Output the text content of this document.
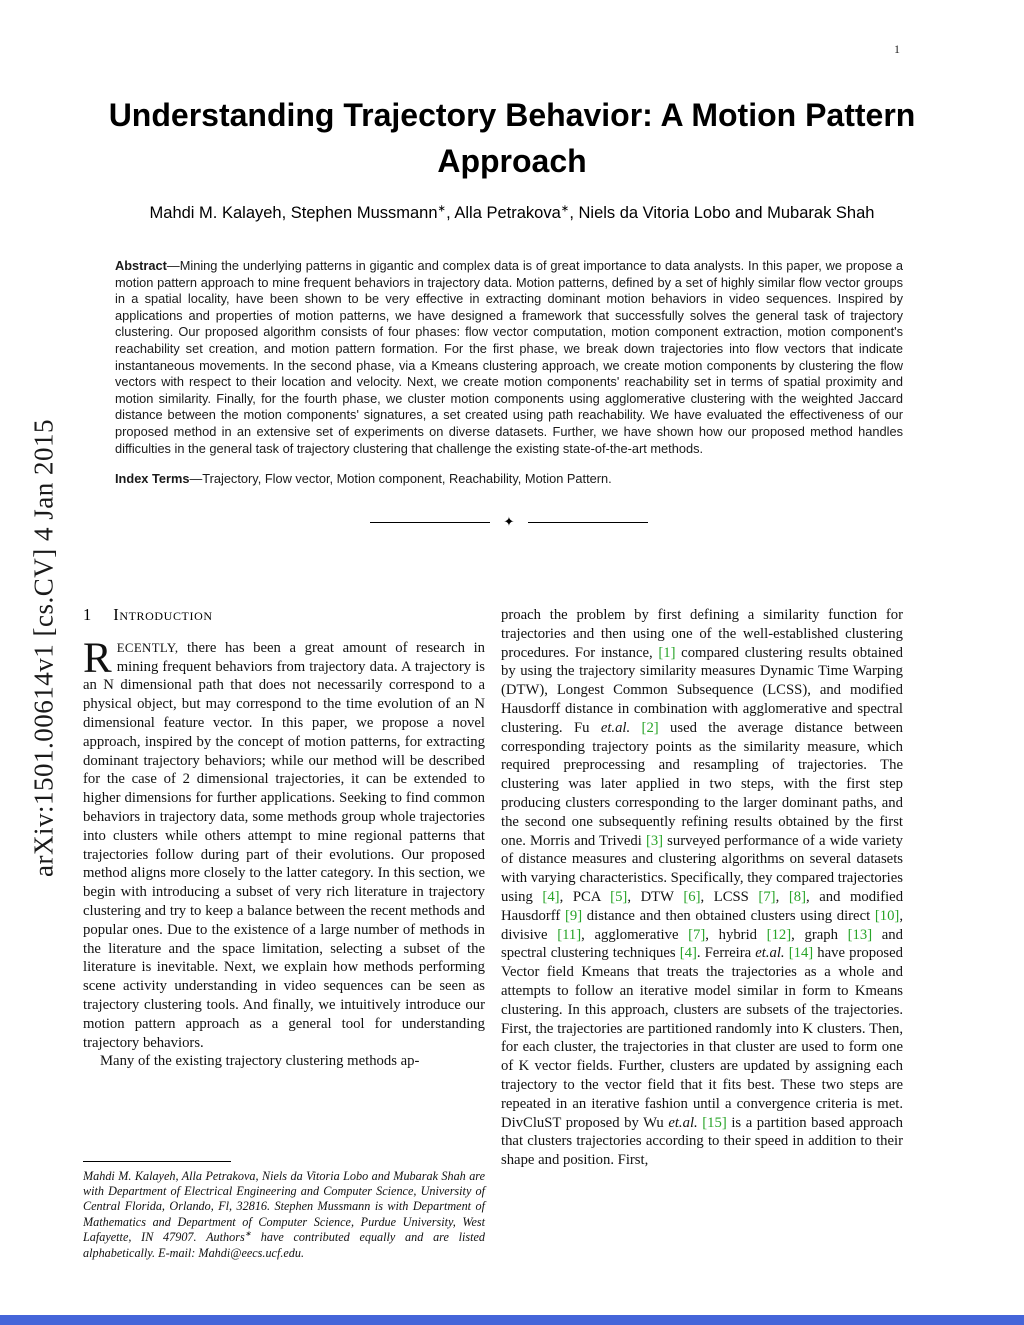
1
arXiv:1501.00614v1 [cs.CV] 4 Jan 2015
Understanding Trajectory Behavior: A Motion Pattern Approach
Mahdi M. Kalayeh, Stephen Mussmann∗, Alla Petrakova∗, Niels da Vitoria Lobo and Mubarak Shah

Abstract—Mining the underlying patterns in gigantic and complex data is of great importance to data analysts. In this paper, we propose a motion pattern approach to mine frequent behaviors in trajectory data. Motion patterns, defined by a set of highly similar flow vector groups in a spatial locality, have been shown to be very effective in extracting dominant motion behaviors in video sequences. Inspired by applications and properties of motion patterns, we have designed a framework that successfully solves the general task of trajectory clustering. Our proposed algorithm consists of four phases: flow vector computation, motion component extraction, motion component's reachability set creation, and motion pattern formation. For the first phase, we break down trajectories into flow vectors that indicate instantaneous movements. In the second phase, via a Kmeans clustering approach, we create motion components by clustering the flow vectors with respect to their location and velocity. Next, we create motion components' reachability set in terms of spatial proximity and motion similarity. Finally, for the fourth phase, we cluster motion components using agglomerative clustering with the weighted Jaccard distance between the motion components' signatures, a set created using path reachability. We have evaluated the effectiveness of our proposed method in an extensive set of experiments on diverse datasets. Further, we have shown how our proposed method handles difficulties in the general task of trajectory clustering that challenge the existing state-of-the-art methods.

Index Terms—Trajectory, Flow vector, Motion component, Reachability, Motion Pattern.

✦
1 Introduction

RECENTLY, there has been a great amount of research in mining frequent behaviors from trajectory data. A trajectory is an N dimensional path that does not necessarily correspond to a physical object, but may correspond to the time evolution of an N dimensional feature vector. In this paper, we propose a novel approach, inspired by the concept of motion patterns, for extracting dominant trajectory behaviors; while our method will be described for the case of 2 dimensional trajectories, it can be extended to higher dimensions for further applications. Seeking to find common behaviors in trajectory data, some methods group whole trajectories into clusters while others attempt to mine regional patterns that trajectories follow during part of their evolutions. Our proposed method aligns more closely to the latter category. In this section, we begin with introducing a subset of very rich literature in trajectory clustering and try to keep a balance between the recent methods and popular ones. Due to the existence of a large number of methods in the literature and the space limitation, selecting a subset of the literature is inevitable. Next, we explain how methods performing scene activity understanding in video sequences can be seen as trajectory clustering tools. And finally, we intuitively introduce our motion pattern approach as a general tool for understanding trajectory behaviors.

Many of the existing trajectory clustering methods ap-

Mahdi M. Kalayeh, Alla Petrakova, Niels da Vitoria Lobo and Mubarak Shah are with Department of Electrical Engineering and Computer Science, University of Central Florida, Orlando, Fl, 32816. Stephen Mussmann is with Department of Mathematics and Department of Computer Science, Purdue University, West Lafayette, IN 47907. Authors∗ have contributed equally and are listed alphabetically. E-mail: Mahdi@eecs.ucf.edu.

proach the problem by first defining a similarity function for trajectories and then using one of the well-established clustering procedures. For instance, [1] compared clustering results obtained by using the trajectory similarity measures Dynamic Time Warping (DTW), Longest Common Subsequence (LCSS), and modified Hausdorff distance in combination with agglomerative and spectral clustering. Fu et.al. [2] used the average distance between corresponding trajectory points as the similarity measure, which required preprocessing and resampling of trajectories. The clustering was later applied in two steps, with the first step producing clusters corresponding to the larger dominant paths, and the second one subsequently refining results obtained by the first one. Morris and Trivedi [3] surveyed performance of a wide variety of distance measures and clustering algorithms on several datasets with varying characteristics. Specifically, they compared trajectories using [4], PCA [5], DTW [6], LCSS [7], [8], and modified Hausdorff [9] distance and then obtained clusters using direct [10], divisive [11], agglomerative [7], hybrid [12], graph [13] and spectral clustering techniques [4]. Ferreira et.al. [14] have proposed Vector field Kmeans that treats the trajectories as a whole and attempts to follow an iterative model similar in form to Kmeans clustering. In this approach, clusters are subsets of the trajectories. First, the trajectories are partitioned randomly into K clusters. Then, for each cluster, the trajectories in that cluster are used to form one of K vector fields. Further, clusters are updated by assigning each trajectory to the vector field that it fits best. These two steps are repeated in an iterative fashion until a convergence criteria is met. DivCluST proposed by Wu et.al. [15] is a partition based approach that clusters trajectories according to their speed in addition to their shape and position. First,
